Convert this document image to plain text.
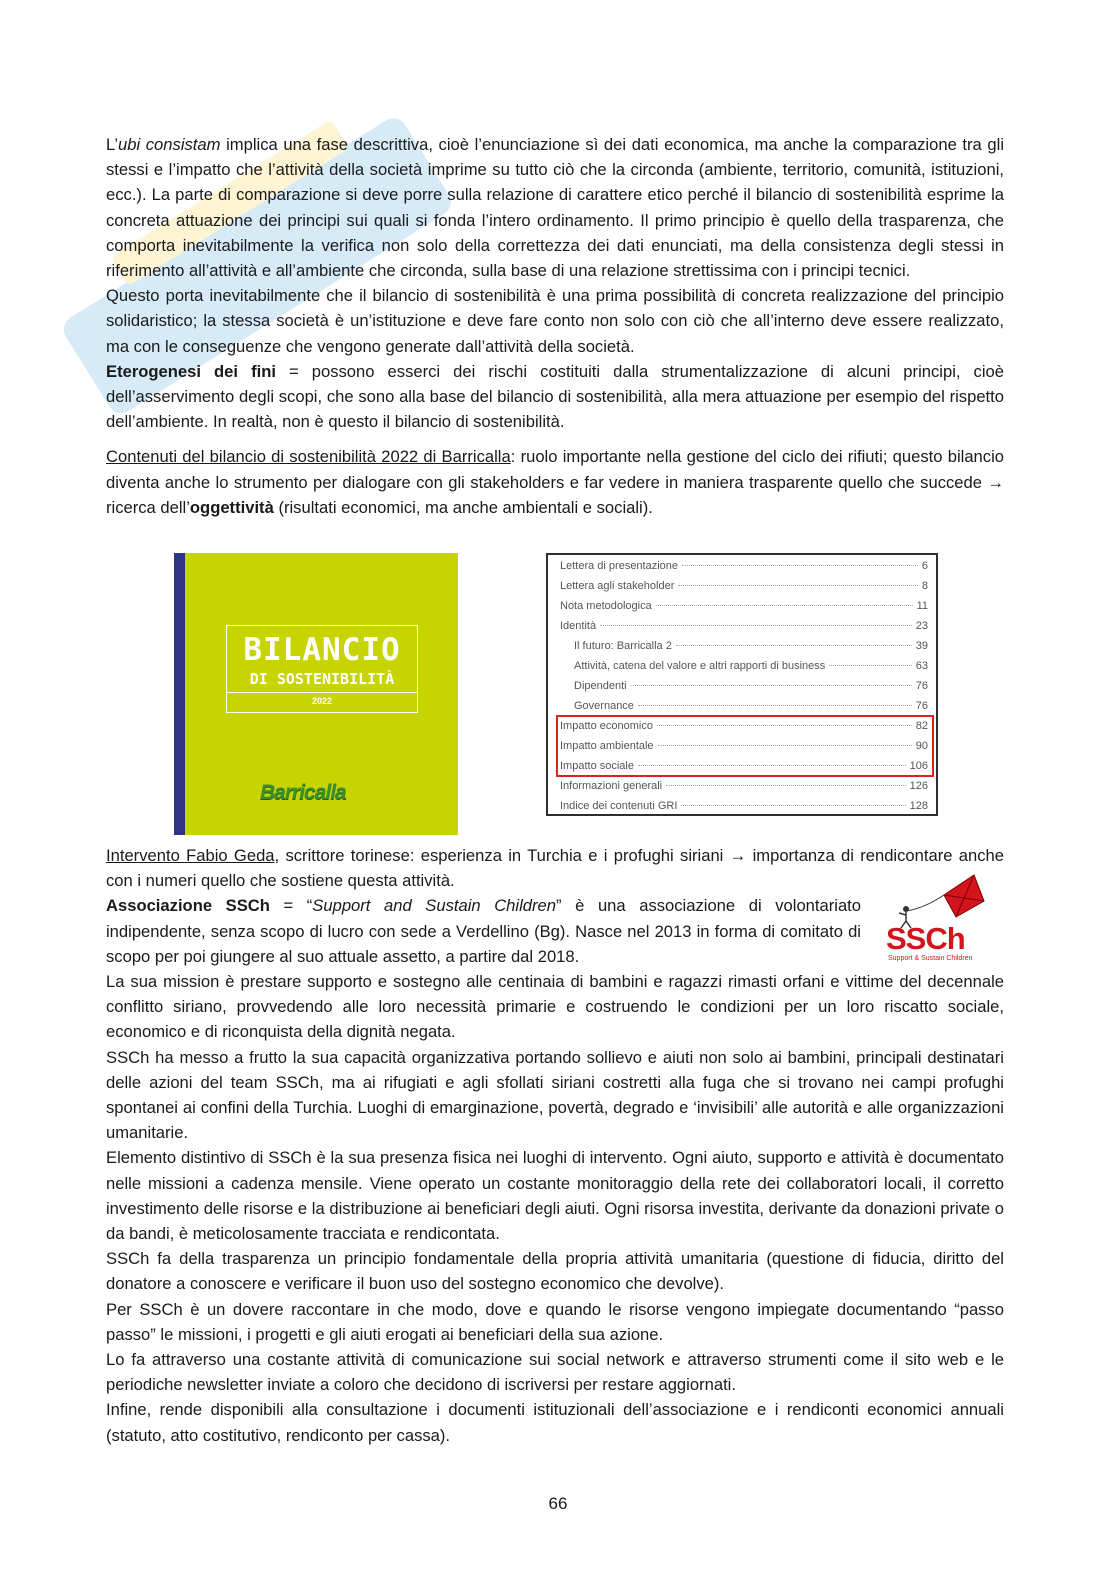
L’ubi consistam implica una fase descrittiva, cioè l’enunciazione sì dei dati economica, ma anche la comparazione tra gli stessi e l’impatto che l’attività della società imprime su tutto ciò che la circonda (ambiente, territorio, comunità, istituzioni, ecc.). La parte di comparazione si deve porre sulla relazione di carattere etico perché il bilancio di sostenibilità esprime la concreta attuazione dei principi sui quali si fonda l’intero ordinamento. Il primo principio è quello della trasparenza, che comporta inevitabilmente la verifica non solo della correttezza dei dati enunciati, ma della consistenza degli stessi in riferimento all’attività e all’ambiente che circonda, sulla base di una relazione strettissima con i principi tecnici.

Questo porta inevitabilmente che il bilancio di sostenibilità è una prima possibilità di concreta realizzazione del principio solidaristico; la stessa società è un’istituzione e deve fare conto non solo con ciò che all’interno deve essere realizzato, ma con le conseguenze che vengono generate dall’attività della società.

Eterogenesi dei fini = possono esserci dei rischi costituiti dalla strumentalizzazione di alcuni principi, cioè dell’asservimento degli scopi, che sono alla base del bilancio di sostenibilità, alla mera attuazione per esempio del rispetto dell’ambiente. In realtà, non è questo il bilancio di sostenibilità.

Contenuti del bilancio di sostenibilità 2022 di Barricalla: ruolo importante nella gestione del ciclo dei rifiuti; questo bilancio diventa anche lo strumento per dialogare con gli stakeholders e far vedere in maniera trasparente quello che succede → ricerca dell’oggettività (risultati economici, ma anche ambientali e sociali).

BILANCIO
DI SOSTENIBILITÀ
2022
Barricalla
Lettera di presentazione	6
Lettera agli stakeholder	8
Nota metodologica	11
Identità	23
Il futuro: Barricalla 2	39
Attività, catena del valore e altri rapporti di business	63
Dipendenti	76
Governance	76
Impatto economico	82
Impatto ambientale	90
Impatto sociale	106
Informazioni generali	126
Indice dei contenuti GRI	128

Intervento Fabio Geda, scrittore torinese: esperienza in Turchia e i profughi siriani → importanza di rendicontare anche con i numeri quello che sostiene questa attività.

Associazione SSCh = “Support and Sustain Children” è una associazione di volontariato indipendente, senza scopo di lucro con sede a Verdellino (Bg). Nasce nel 2013 in forma di comitato di scopo per poi giungere al suo attuale assetto, a partire dal 2018.

La sua mission è prestare supporto e sostegno alle centinaia di bambini e ragazzi rimasti orfani e vittime del decennale conflitto siriano, provvedendo alle loro necessità primarie e costruendo le condizioni per un loro riscatto sociale, economico e di riconquista della dignità negata.

SSCh ha messo a frutto la sua capacità organizzativa portando sollievo e aiuti non solo ai bambini, principali destinatari delle azioni del team SSCh, ma ai rifugiati e agli sfollati siriani costretti alla fuga che si trovano nei campi profughi spontanei ai confini della Turchia. Luoghi di emarginazione, povertà, degrado e ‘invisibili’ alle autorità e alle organizzazioni umanitarie.

Elemento distintivo di SSCh è la sua presenza fisica nei luoghi di intervento. Ogni aiuto, supporto e attività è documentato nelle missioni a cadenza mensile. Viene operato un costante monitoraggio della rete dei collaboratori locali, il corretto investimento delle risorse e la distribuzione ai beneficiari degli aiuti. Ogni risorsa investita, derivante da donazioni private o da bandi, è meticolosamente tracciata e rendicontata.

SSCh fa della trasparenza un principio fondamentale della propria attività umanitaria (questione di fiducia, diritto del donatore a conoscere e verificare il buon uso del sostegno economico che devolve).

Per SSCh è un dovere raccontare in che modo, dove e quando le risorse vengono impiegate documentando “passo passo” le missioni, i progetti e gli aiuti erogati ai beneficiari della sua azione.

Lo fa attraverso una costante attività di comunicazione sui social network e attraverso strumenti come il sito web e le periodiche newsletter inviate a coloro che decidono di iscriversi per restare aggiornati.

Infine, rende disponibili alla consultazione i documenti istituzionali dell’associazione e i rendiconti economici annuali (statuto, atto costitutivo, rendiconto per cassa).

SSCh
Support & Sustain Children
66
